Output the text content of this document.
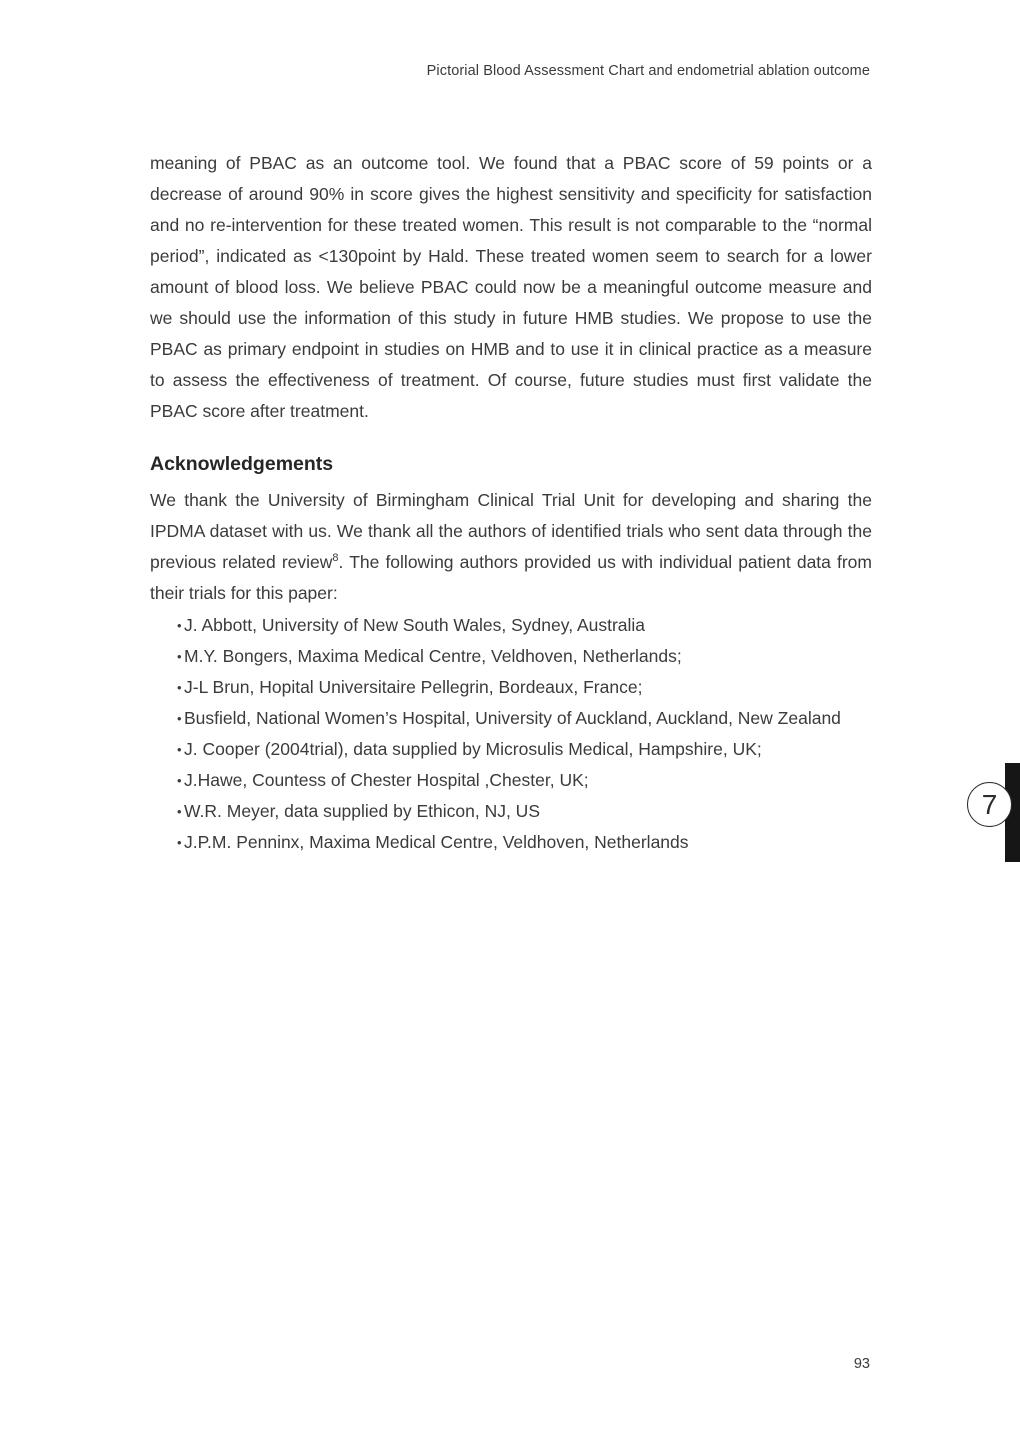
Pictorial Blood Assessment Chart and endometrial ablation outcome

meaning of PBAC as an outcome tool. We found that a PBAC score of 59 points or a decrease of around 90% in score gives the highest sensitivity and specificity for satisfaction and no re-intervention for these treated women. This result is not comparable to the “normal period”, indicated as <130point by Hald. These treated women seem to search for a lower amount of blood loss. We believe PBAC could now be a meaningful outcome measure and we should use the information of this study in future HMB studies. We propose to use the PBAC as primary endpoint in studies on HMB and to use it in clinical practice as a measure to assess the effectiveness of treatment. Of course, future studies must first validate the PBAC score after treatment.

Acknowledgements

We thank the University of Birmingham Clinical Trial Unit for developing and sharing the IPDMA dataset with us. We thank all the authors of identified trials who sent data through the previous related review$^8$. The following authors provided us with individual patient data from their trials for this paper:

• J. Abbott, University of New South Wales, Sydney, Australia
• M.Y. Bongers, Maxima Medical Centre, Veldhoven, Netherlands;
• J-L Brun, Hopital Universitaire Pellegrin, Bordeaux, France;
• Busfield, National Women’s Hospital, University of Auckland, Auckland, New Zealand
• J. Cooper (2004trial), data supplied by Microsulis Medical, Hampshire, UK;
• J.Hawe, Countess of Chester Hospital ,Chester, UK;
• W.R. Meyer, data supplied by Ethicon, NJ, US
• J.P.M. Penninx, Maxima Medical Centre, Veldhoven, Netherlands
7
93
